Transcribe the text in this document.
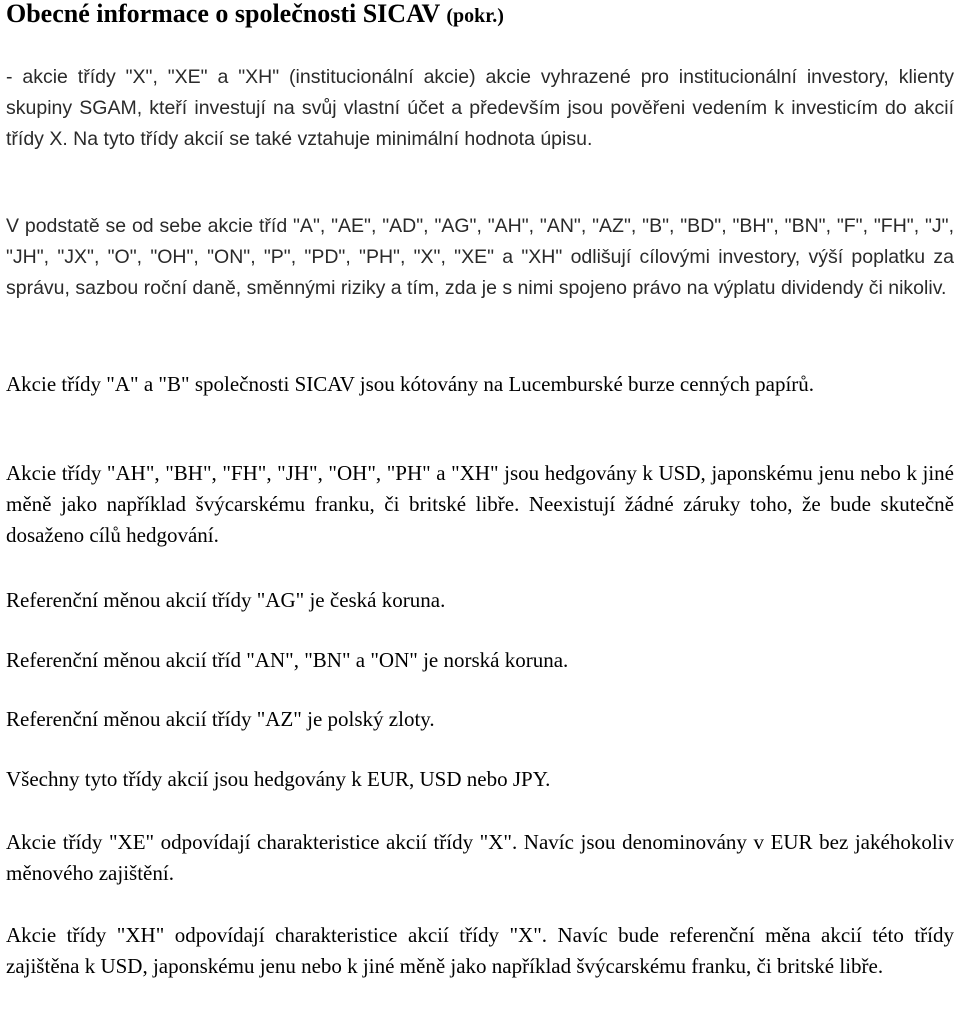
Obecné informace o společnosti SICAV (pokr.)

- akcie třídy "X", "XE" a "XH" (institucionální akcie) akcie vyhrazené pro institucionální investory, klienty skupiny SGAM, kteří investují na svůj vlastní účet a především jsou pověřeni vedením k investicím do akcií třídy X. Na tyto třídy akcií se také vztahuje minimální hodnota úpisu.

V podstatě se od sebe akcie tříd "A", "AE", "AD", "AG", "AH", "AN", "AZ", "B", "BD", "BH", "BN", "F", "FH", "J", "JH", "JX", "O", "OH", "ON", "P", "PD", "PH", "X", "XE" a "XH" odlišují cílovými investory, výší poplatku za správu, sazbou roční daně, směnnými riziky a tím, zda je s nimi spojeno právo na výplatu dividendy či nikoliv.

Akcie třídy "A" a "B" společnosti SICAV jsou kótovány na Lucemburské burze cenných papírů.

Akcie třídy "AH", "BH", "FH", "JH", "OH", "PH" a "XH" jsou hedgovány k USD, japonskému jenu nebo k jiné měně jako například švýcarskému franku, či britské libře. Neexistují žádné záruky toho, že bude skutečně dosaženo cílů hedgování.

Referenční měnou akcií třídy "AG" je česká koruna.

Referenční měnou akcií tříd "AN", "BN" a "ON" je norská koruna.

Referenční měnou akcií třídy "AZ" je polský zloty.

Všechny tyto třídy akcií jsou hedgovány k EUR, USD nebo JPY.

Akcie třídy "XE" odpovídají charakteristice akcií třídy "X". Navíc jsou denominovány v EUR bez jakéhokoliv měnového zajištění.

Akcie třídy "XH" odpovídají charakteristice akcií třídy "X". Navíc bude referenční měna akcií této třídy zajištěna k USD, japonskému jenu nebo k jiné měně jako například švýcarskému franku, či britské libře.
